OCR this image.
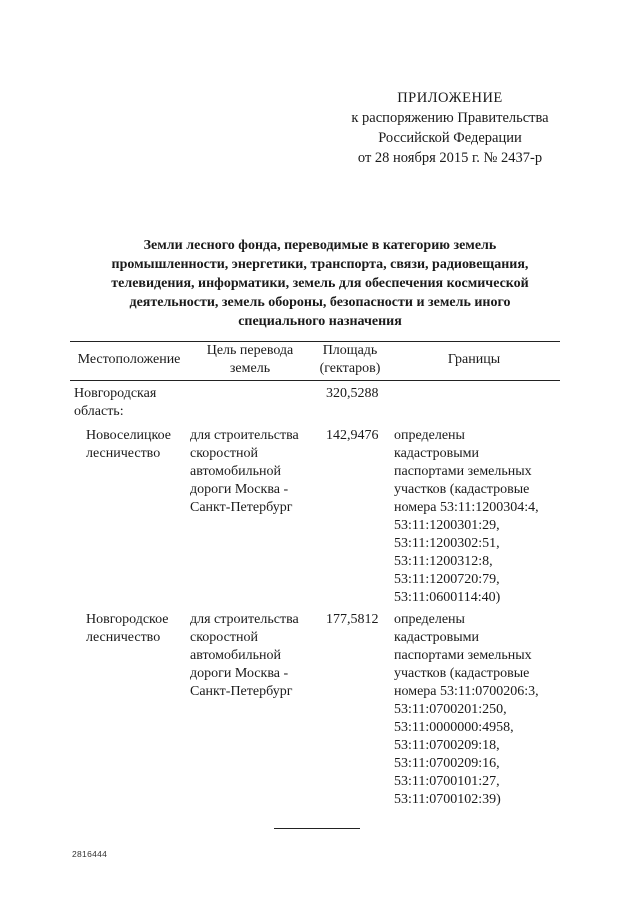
ПРИЛОЖЕНИЕ
к распоряжению Правительства
Российской Федерации
от 28 ноября 2015 г. № 2437-р
Земли лесного фонда, переводимые в категорию земель
промышленности, энергетики, транспорта, связи, радиовещания,
телевидения, информатики, земель для обеспечения космической
деятельности, земель обороны, безопасности и земель иного
специального назначения
Местоположение
Цель перевода
земель
Площадь
(гектаров)
Границы
Новгородская
область:
320,5288
Новоселицкое
лесничество
для строительства
скоростной
автомобильной
дороги Москва -
Санкт-Петербург
142,9476	определены
кадастровыми
паспортами земельных
участков (кадастровые
номера 53:11:1200304:4,
53:11:1200301:29,
53:11:1200302:51,
53:11:1200312:8,
53:11:1200720:79,
53:11:0600114:40)
Новгородское
лесничество
для строительства
скоростной
автомобильной
дороги Москва -
Санкт-Петербург
177,5812	определены
кадастровыми
паспортами земельных
участков (кадастровые
номера 53:11:0700206:3,
53:11:0700201:250,
53:11:0000000:4958,
53:11:0700209:18,
53:11:0700209:16,
53:11:0700101:27,
53:11:0700102:39)
2816444
